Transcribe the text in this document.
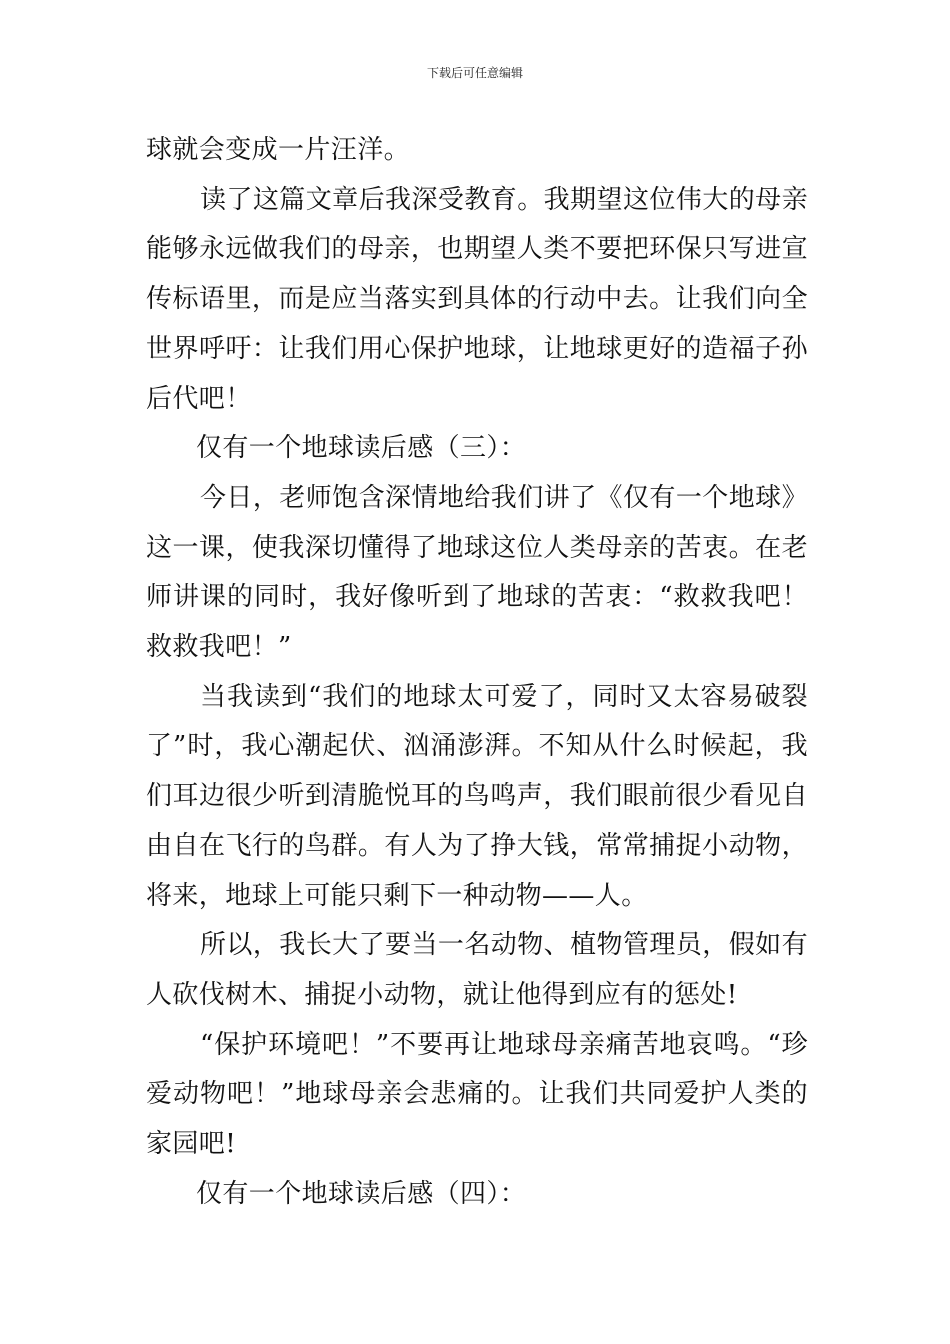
下载后可任意编辑

球就会变成一片汪洋。

读了这篇文章后我深受教育。我期望这位伟大的母亲能够永远做我们的母亲，也期望人类不要把环保只写进宣传标语里，而是应当落实到具体的行动中去。让我们向全世界呼吁：让我们用心保护地球，让地球更好的造福子孙后代吧！

仅有一个地球读后感（三）：

今日，老师饱含深情地给我们讲了《仅有一个地球》这一课，使我深切懂得了地球这位人类母亲的苦衷。在老师讲课的同时，我好像听到了地球的苦衷：“救救我吧！救救我吧！”

当我读到“我们的地球太可爱了，同时又太容易破裂了”时，我心潮起伏、汹涌澎湃。不知从什么时候起，我们耳边很少听到清脆悦耳的鸟鸣声，我们眼前很少看见自由自在飞行的鸟群。有人为了挣大钱，常常捕捉小动物，将来，地球上可能只剩下一种动物——人。

所以，我长大了要当一名动物、植物管理员，假如有人砍伐树木、捕捉小动物，就让他得到应有的惩处!

“保护环境吧！”不要再让地球母亲痛苦地哀鸣。“珍爱动物吧！”地球母亲会悲痛的。让我们共同爱护人类的家园吧!

仅有一个地球读后感（四）：
